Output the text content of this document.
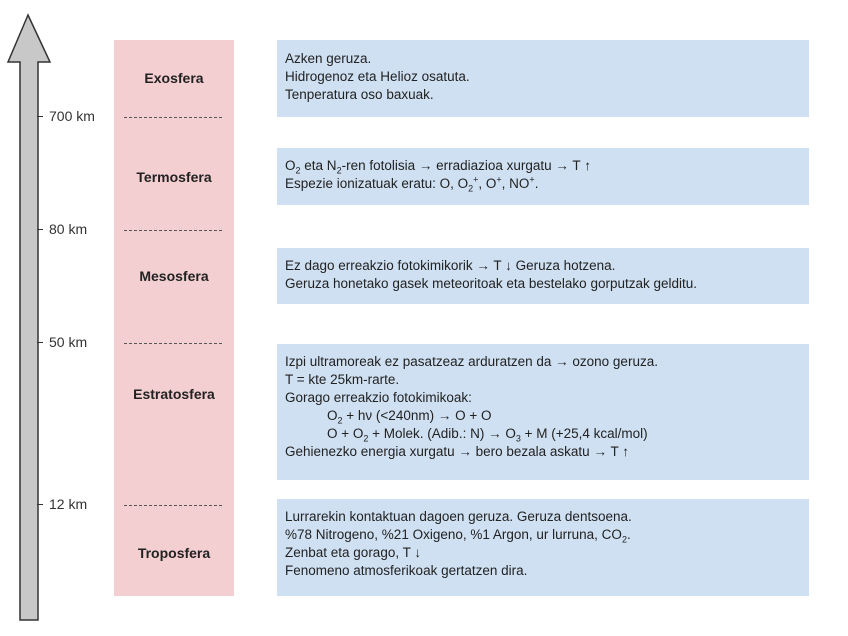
700 km
80 km
50 km
12 km
Exosfera
Termosfera
Mesosfera
Estratosfera
Troposfera
Azken geruza.
Hidrogenoz eta Helioz osatuta.
Tenperatura oso baxuak.
$O_2$ eta $N_2$-ren fotolisia → erradiazioa xurgatu → T ↑
Espezie ionizatuak eratu: O, $O_2^+$, O+, NO+.
Ez dago erreakzio fotokimikorik → T ↓ Geruza hotzena.
Geruza honetako gasek meteoritoak eta bestelako gorputzak gelditu.
Izpi ultramoreak ez pasatzeaz arduratzen da → ozono geruza.
T = kte 25km-rarte.
Gorago erreakzio fotokimikoak:
$O_2 + h\nu$ (<240nm) → O + O
$O + O_2$ + Molek. (Adib.: $N) \to O_3 + M$ (+25,4 kcal/mol)
Gehienezko energia xurgatu → bero bezala askatu → T ↑
Lurrarekin kontaktuan dagoen geruza. Geruza dentsoena.
%78 Nitrogeno, %21 Oxigeno, %1 Argon, ur lurruna, $CO_2$.
Zenbat eta gorago, T ↓
Fenomeno atmosferikoak gertatzen dira.
